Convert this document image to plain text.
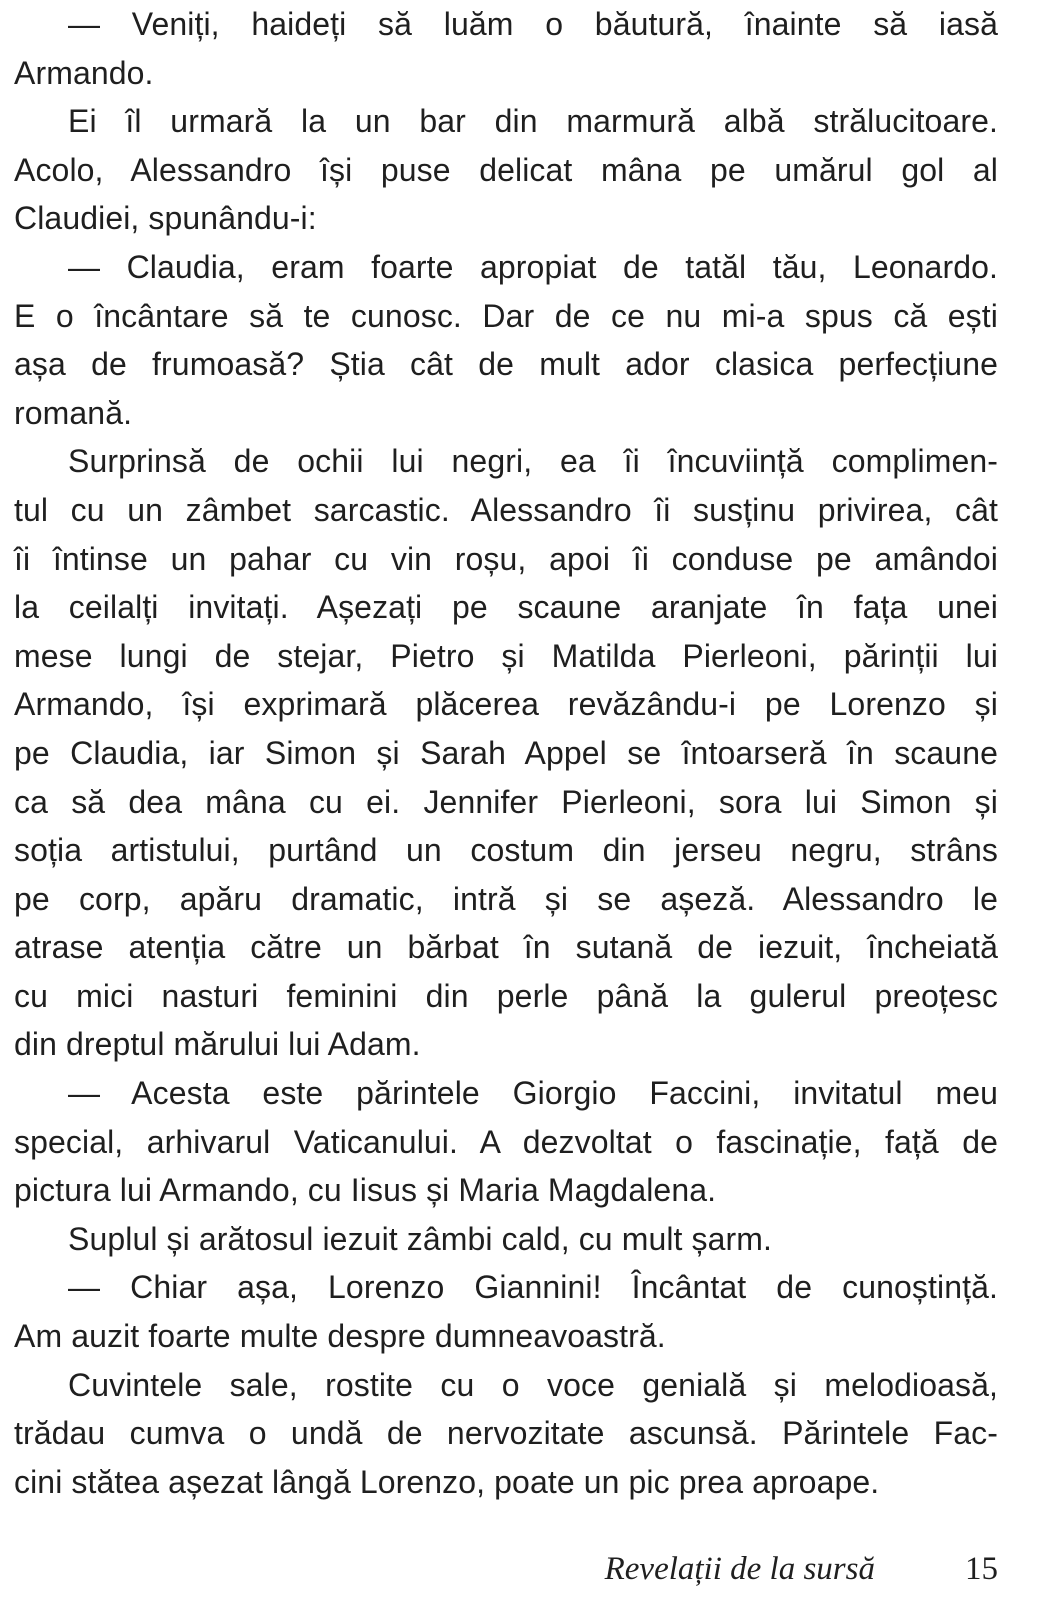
— Veniți, haideți să luăm o băutură, înainte să iasă
Armando.
Ei îl urmară la un bar din marmură albă strălucitoare.
Acolo, Alessandro își puse delicat mâna pe umărul gol al
Claudiei, spunându-i:
— Claudia, eram foarte apropiat de tatăl tău, Leonardo.
E o încântare să te cunosc. Dar de ce nu mi-a spus că ești
așa de frumoasă? Știa cât de mult ador clasica perfecțiune
romană.
Surprinsă de ochii lui negri, ea îi încuviință complimen-
tul cu un zâmbet sarcastic. Alessandro îi susținu privirea, cât
îi întinse un pahar cu vin roșu, apoi îi conduse pe amândoi
la ceilalți invitați. Așezați pe scaune aranjate în fața unei
mese lungi de stejar, Pietro și Matilda Pierleoni, părinții lui
Armando, își exprimară plăcerea revăzându-i pe Lorenzo și
pe Claudia, iar Simon și Sarah Appel se întoarseră în scaune
ca să dea mâna cu ei. Jennifer Pierleoni, sora lui Simon și
soția artistului, purtând un costum din jerseu negru, strâns
pe corp, apăru dramatic, intră și se așeză. Alessandro le
atrase atenția către un bărbat în sutană de iezuit, încheiată
cu mici nasturi feminini din perle până la gulerul preoțesc
din dreptul mărului lui Adam.
— Acesta este părintele Giorgio Faccini, invitatul meu
special, arhivarul Vaticanului. A dezvoltat o fascinație, față de
pictura lui Armando, cu Iisus și Maria Magdalena.
Suplul și arătosul iezuit zâmbi cald, cu mult șarm.
— Chiar așa, Lorenzo Giannini! Încântat de cunoștință.
Am auzit foarte multe despre dumneavoastră.
Cuvintele sale, rostite cu o voce genială și melodioasă,
trădau cumva o undă de nervozitate ascunsă. Părintele Fac-
cini stătea așezat lângă Lorenzo, poate un pic prea aproape.
Revelații de la sursă	15
